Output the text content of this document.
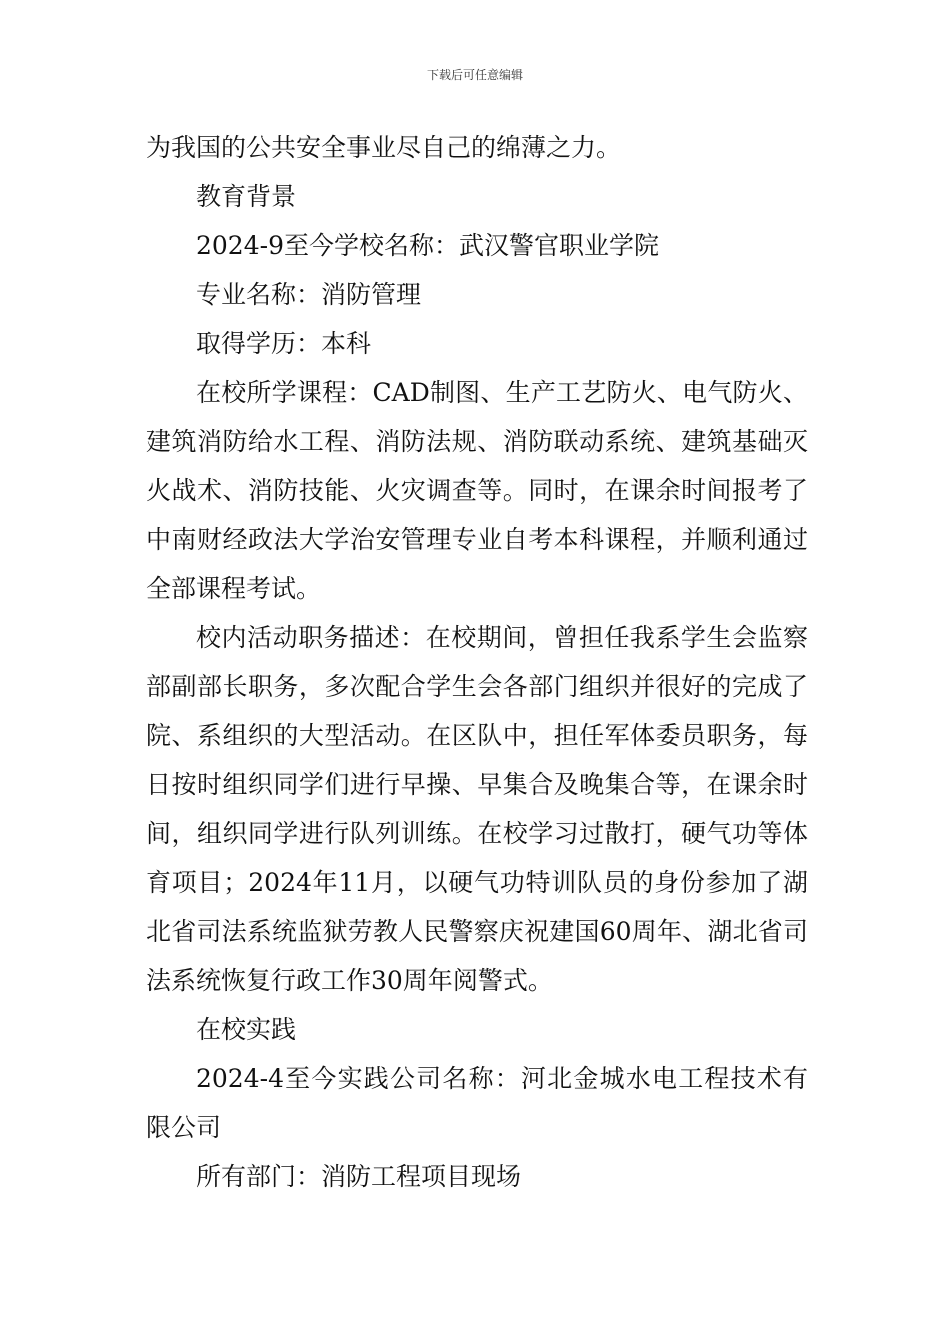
下载后可任意编辑

为我国的公共安全事业尽自己的绵薄之力。

教育背景

2024-9至今学校名称：武汉警官职业学院

专业名称：消防管理

取得学历：本科

在校所学课程：CAD制图、生产工艺防火、电气防火、建筑消防给水工程、消防法规、消防联动系统、建筑基础灭火战术、消防技能、火灾调查等。同时，在课余时间报考了中南财经政法大学治安管理专业自考本科课程，并顺利通过全部课程考试。

校内活动职务描述：在校期间，曾担任我系学生会监察部副部长职务，多次配合学生会各部门组织并很好的完成了院、系组织的大型活动。在区队中，担任军体委员职务，每日按时组织同学们进行早操、早集合及晚集合等，在课余时间，组织同学进行队列训练。在校学习过散打，硬气功等体育项目；2024年11月，以硬气功特训队员的身份参加了湖北省司法系统监狱劳教人民警察庆祝建国60周年、湖北省司法系统恢复行政工作30周年阅警式。

在校实践

2024-4至今实践公司名称：河北金城水电工程技术有限公司

所有部门：消防工程项目现场
